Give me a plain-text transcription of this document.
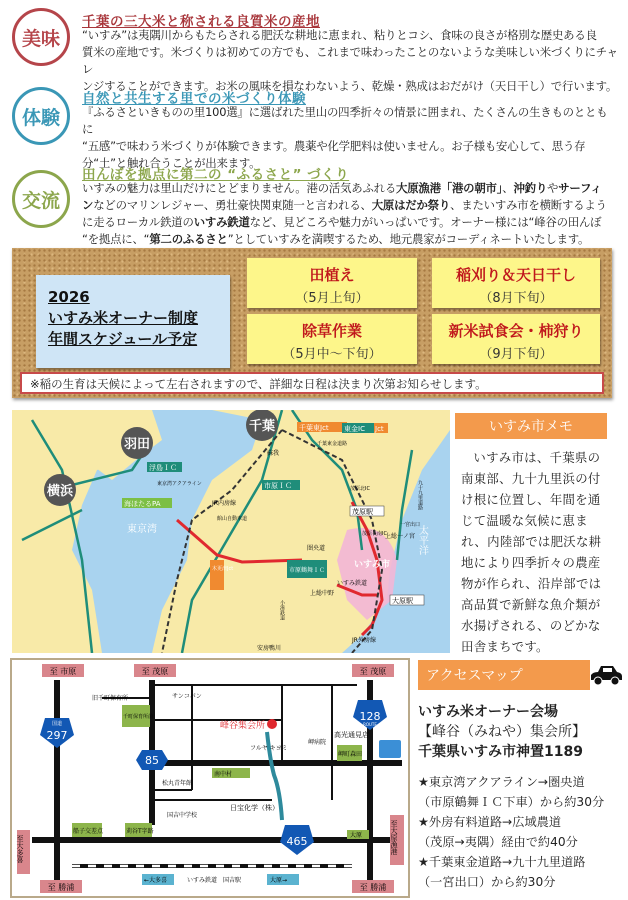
美味
千葉の三大米と称される良質米の産地
“いすみ”は夷隅川からもたらされる肥沃な耕地に恵まれ、粘りとコシ、食味の良さが格別な歴史ある良
質米の産地です。米づくりは初めての方でも、これまで味わったことのないような美味しい米づくりにチャレ
ンジすることができます。お米の風味を損なわないよう、乾燥・熟成はおだがけ（天日干し）で行います。
体験
自然と共生する里での米づくり体験
『ふるさといきものの里100選』に選ばれた里山の四季折々の情景に囲まれ、たくさんの生きものとともに
“五感”で味わう米づくりが体験できます。農薬や化学肥料は使いません。お子様も安心して、思う存
分“土”と触れ合うことが出来ます。
交流
田んぼを拠点に第二の “ふるさと” づくり
いすみの魅力は里山だけにとどまりません。港の活気あふれる大原漁港「港の朝市」、沖釣りやサーフィ
ンなどのマリンレジャー、勇壮豪快関東随一と言われる、大原はだか祭り、またいすみ市を横断するよう
に走るローカル鉄道のいすみ鉄道など、見どころや魅力がいっぱいです。オーナー様には“峰谷の田んぼ
“を拠点に、“第二のふるさと”としていすみを満喫するため、地元農家がコーディネートいたします。
2026
いすみ米オーナー制度
年間スケジュール予定
田植え
（5月上旬）
稲刈り＆天日干し
（8月下旬）
除草作業
（5月中～下旬）
新米試食会・柿狩り
（9月下旬）
※稲の生育は天候によって左右されますので、詳細な日程は決まり次第お知らせします。
千葉
羽田
横浜
東京湾	太平洋
いすみ市
千葉東Jct 東金IC Jct
浮島ＩＣ
海ほたるPA
市原ＩＣ
木更津Jct	市原鶴舞ＩＣ
茂原駅
大原駅
上総一ノ宮
上総中野
いすみ鉄道
JR内房線
JR外房線
圏央道
東京湾アクアライン
館山自動車道
安房鴨川
蘇我
一宮出口
九十九里道路
千葉東金道路
茂原長南IC
茂原北IC
小湊鉄道
いすみ市メモ
いすみ市は、千葉県の南東部、九十九里浜の付け根に位置し、年間を通じて温暖な気候に恵まれ、内陸部では肥沃な耕地により四季折々の農産物が作られ、沿岸部では高品質で新鮮な魚介類が水揚げされる、のどかな田舎まちです。
至 市原	至 茂原	至 茂原
至 勝浦	至 勝浦
至大多喜	至大原漁港
297
国道
85
128
ROUTE
465
旧千町保育所	サンコパン
千町保育所前
松丸青年館
国吉中学校
船子交差点	苅谷T字路
南中村
日宝化学（株）
峰谷集会所
フルヤ キヨミ
岬病院
岬町森田
大原
高光通見店
←大多喜	いすみ鉄道　国吉駅	大原→
アクセスマップ
いすみ米オーナー会場
【峰谷（みねや）集会所】
千葉県いすみ市神置1189
★東京湾アクアライン→圏央道
（市原鶴舞ＩＣ下車）から約30分
★外房有料道路→広域農道
（茂原→夷隅）経由で約40分
★千葉東金道路→九十九里道路
（一宮出口）から約30分
